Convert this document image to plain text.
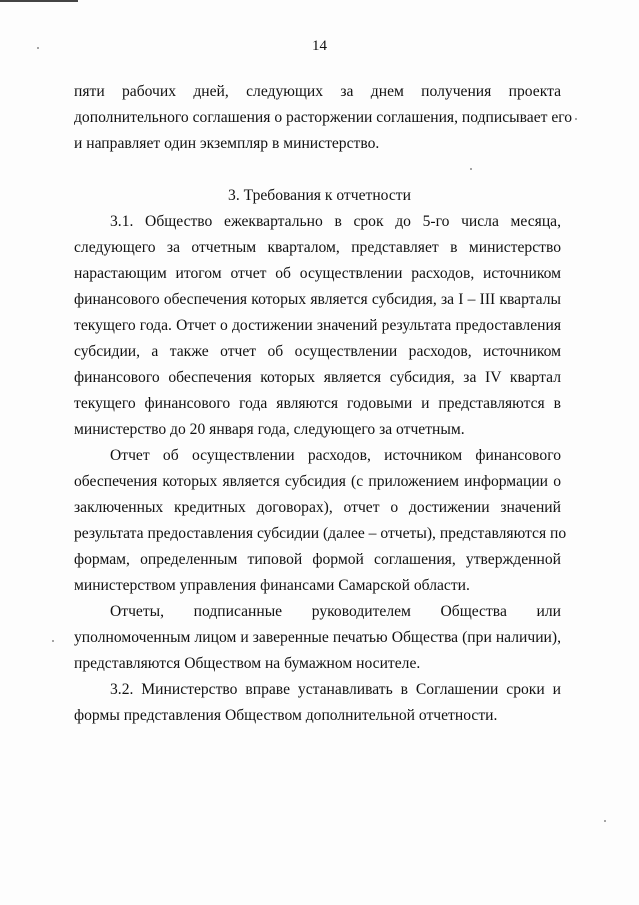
14
пяти рабочих дней, следующих за днем получения проекта
дополнительного соглашения о расторжении соглашения, подписывает его
и направляет один экземпляр в министерство.
3. Требования к отчетности
3.1. Общество ежеквартально в срок до 5-го числа месяца,
следующего за отчетным кварталом, представляет в министерство
нарастающим итогом отчет об осуществлении расходов, источником
финансового обеспечения которых является субсидия, за I – III кварталы
текущего года. Отчет о достижении значений результата предоставления
субсидии, а также отчет об осуществлении расходов, источником
финансового обеспечения которых является субсидия, за IV квартал
текущего финансового года являются годовыми и представляются в
министерство до 20 января года, следующего за отчетным.
Отчет об осуществлении расходов, источником финансового
обеспечения которых является субсидия (с приложением информации о
заключенных кредитных договорах), отчет о достижении значений
результата предоставления субсидии (далее – отчеты), представляются по
формам, определенным типовой формой соглашения, утвержденной
министерством управления финансами Самарской области.
Отчеты, подписанные руководителем Общества или
уполномоченным лицом и заверенные печатью Общества (при наличии),
представляются Обществом на бумажном носителе.
3.2. Министерство вправе устанавливать в Соглашении сроки и
формы представления Обществом дополнительной отчетности.
